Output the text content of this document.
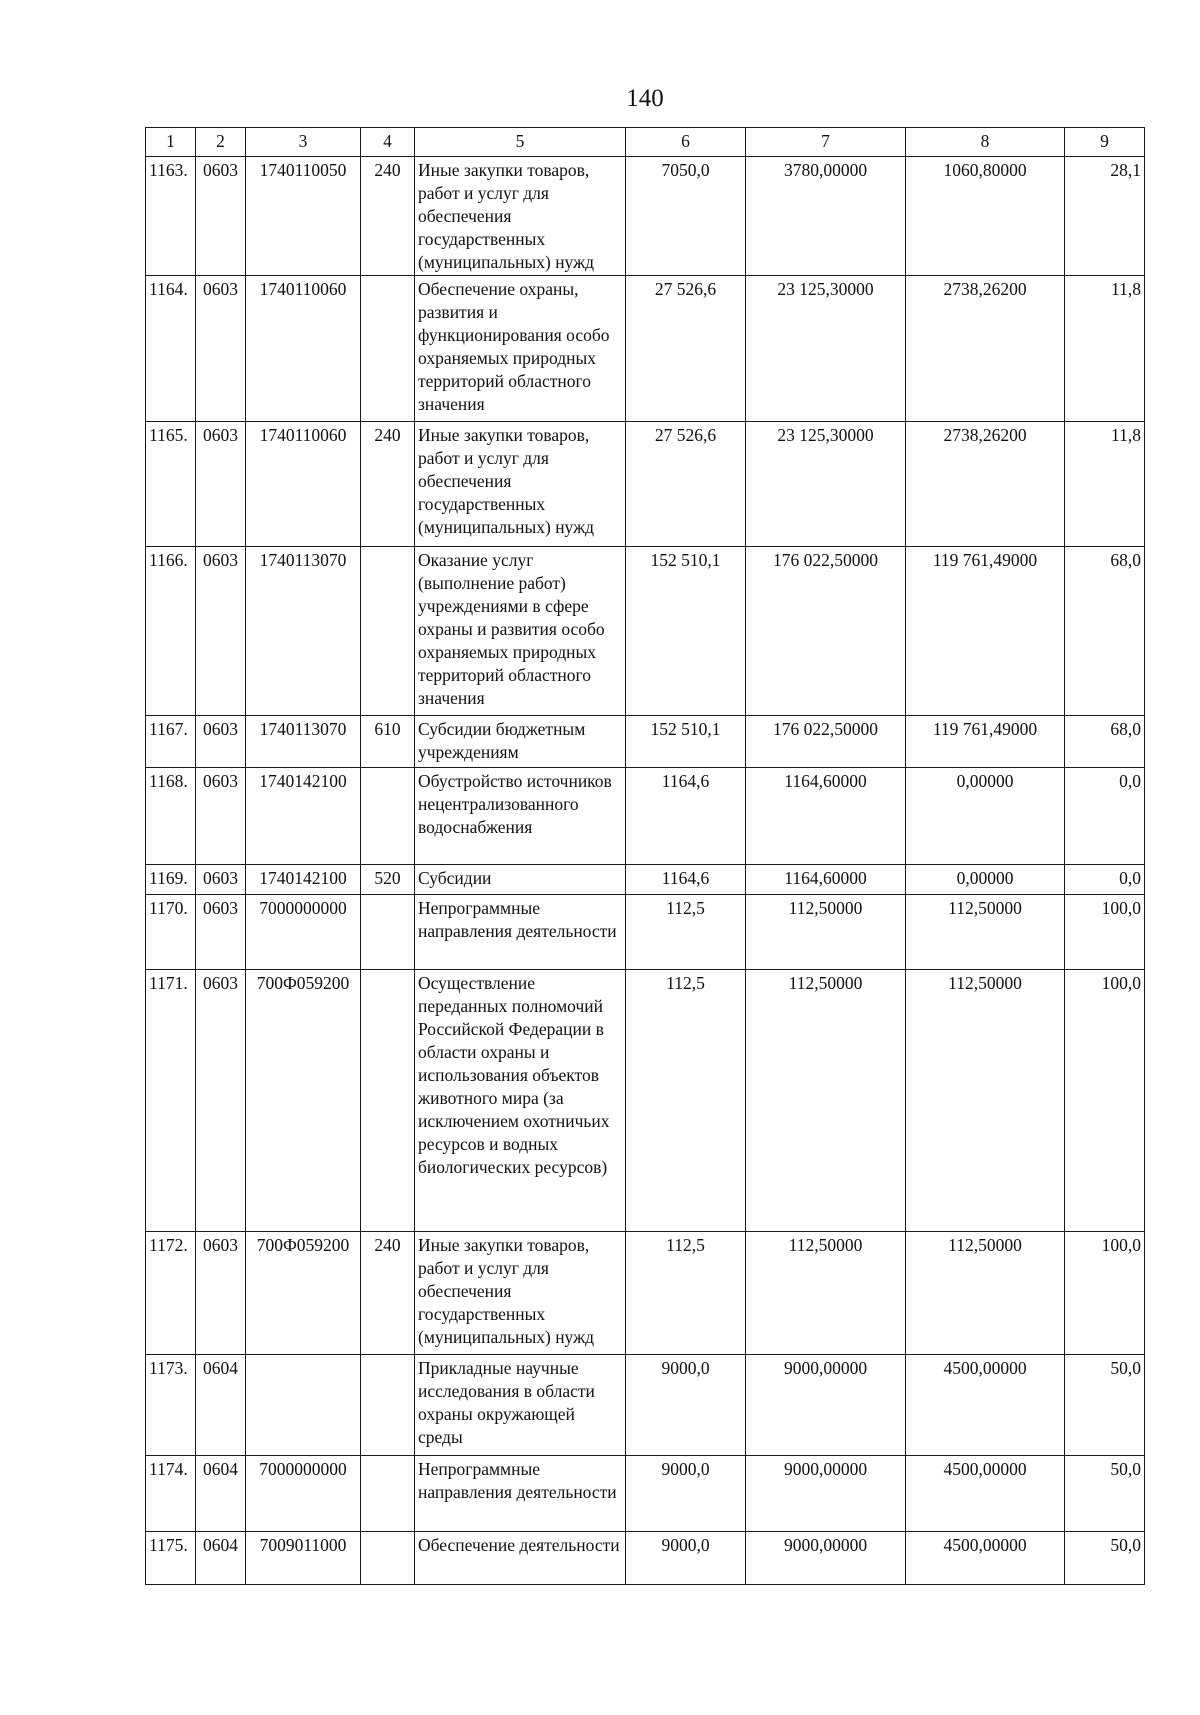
140
1	2	3	4	5	6	7	8	9
1163.	0603	1740110050	240	Иные закупки товаров, работ и услуг для обеспечения государственных (муниципальных) нужд	7050,0	3780,00000	1060,80000	28,1
1164.	0603	1740110060		Обеспечение охраны, развития и функционирования особо охраняемых природных территорий областного значения	27 526,6	23 125,30000	2738,26200	11,8
1165.	0603	1740110060	240	Иные закупки товаров, работ и услуг для обеспечения государственных (муниципальных) нужд	27 526,6	23 125,30000	2738,26200	11,8
1166.	0603	1740113070		Оказание услуг (выполнение работ) учреждениями в сфере охраны и развития особо охраняемых природных территорий областного значения	152 510,1	176 022,50000	119 761,49000	68,0
1167.	0603	1740113070	610	Субсидии бюджетным учреждениям	152 510,1	176 022,50000	119 761,49000	68,0
1168.	0603	1740142100		Обустройство источников нецентрализованного водоснабжения	1164,6	1164,60000	0,00000	0,0
1169.	0603	1740142100	520	Субсидии	1164,6	1164,60000	0,00000	0,0
1170.	0603	7000000000		Непрограммные направления деятельности	112,5	112,50000	112,50000	100,0
1171.	0603	700Ф059200		Осуществление переданных полномочий Российской Федерации в области охраны и использования объектов животного мира (за исключением охотничьих ресурсов и водных биологических ресурсов)	112,5	112,50000	112,50000	100,0
1172.	0603	700Ф059200	240	Иные закупки товаров, работ и услуг для обеспечения государственных (муниципальных) нужд	112,5	112,50000	112,50000	100,0
1173.	0604			Прикладные научные исследования в области охраны окружающей среды	9000,0	9000,00000	4500,00000	50,0
1174.	0604	7000000000		Непрограммные направления деятельности	9000,0	9000,00000	4500,00000	50,0
1175.	0604	7009011000		Обеспечение деятельности	9000,0	9000,00000	4500,00000	50,0
